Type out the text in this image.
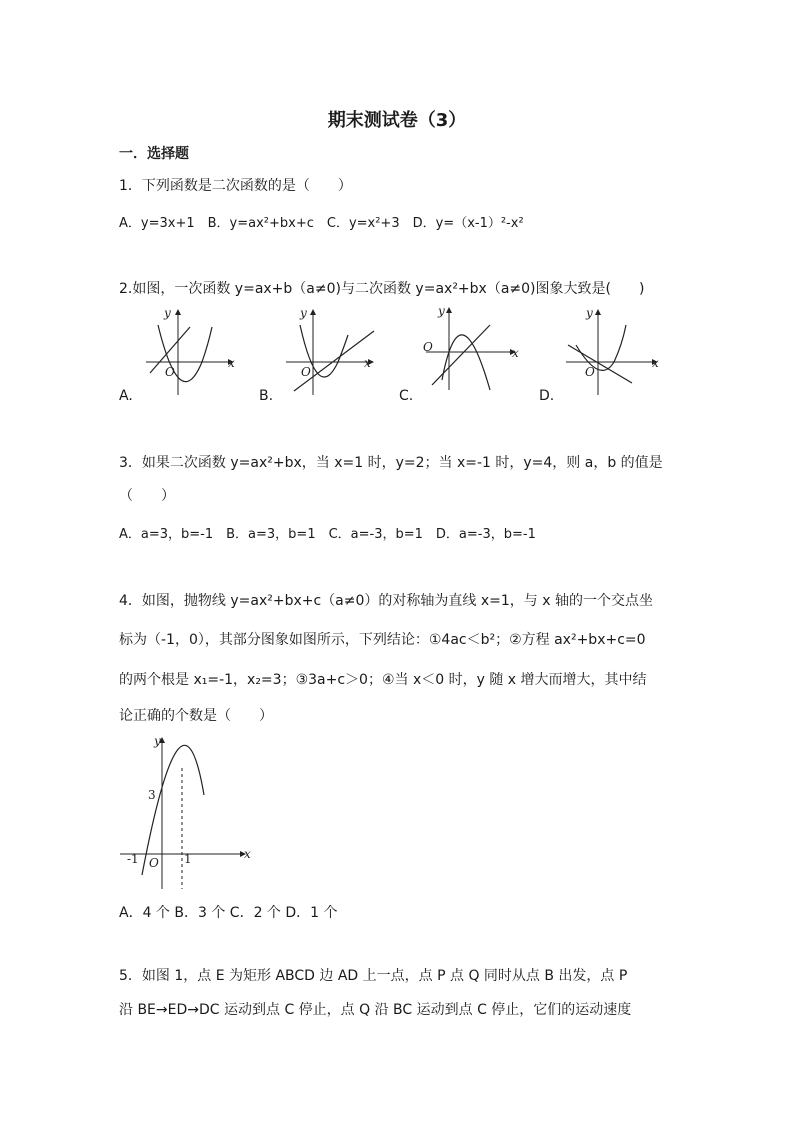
期末测试卷（3）
一．选择题
1．下列函数是二次函数的是（　　）
A．y=3x+1　B．y=ax²+bx+c　C．y=x²+3　D．y=（x-1）²-x²
2.如图，一次函数 y=ax+b（a≠0)与二次函数 y=ax²+bx（a≠0)图象大致是(　　)
y
x
O
A.
y
x
O
B.
y
x
O
C.
y
x
O
D.
3．如果二次函数 y=ax²+bx，当 x=1 时，y=2；当 x=-1 时，y=4，则 a，b 的值是
（　　）
A．a=3，b=-1　B．a=3，b=1　C．a=-3，b=1　D．a=-3，b=-1
4．如图，抛物线 y=ax²+bx+c（a≠0）的对称轴为直线 x=1，与 x 轴的一个交点坐
标为（-1，0），其部分图象如图所示，下列结论：①4ac＜b²；②方程 ax²+bx+c=0
的两个根是 x₁=-1，x₂=3；③3a+c＞0；④当 x＜0 时，y 随 x 增大而增大，其中结
论正确的个数是（　　）
y
x
O
3
-1	1
A．4 个 B．3 个 C．2 个 D．1 个
5．如图 1，点 E 为矩形 ABCD 边 AD 上一点，点 P 点 Q 同时从点 B 出发，点 P
沿 BE→ED→DC 运动到点 C 停止，点 Q 沿 BC 运动到点 C 停止，它们的运动速度
